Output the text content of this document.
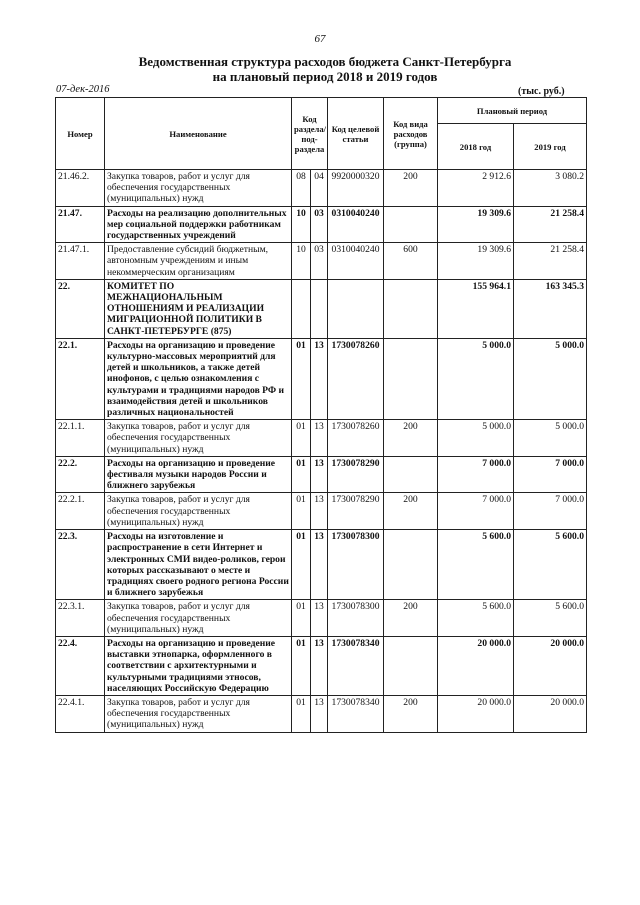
67
Ведомственная структура расходов бюджета Санкт-Петербурга
на плановый период 2018 и 2019 годов
07-дек-2016	(тыс. руб.)
Номер	Наименование	Код раздела/ под-раздела		Код целевой статьи	Код вида расходов (группа)	Плановый период	
						2018 год	2019 год
21.46.2.	Закупка товаров, работ и услуг для обеспечения государственных (муниципальных) нужд	08	04	9920000320	200	2 912.6	3 080.2
21.47.	Расходы на реализацию дополнительных мер социальной поддержки работникам государственных учреждений	10	03	0310040240		19 309.6	21 258.4
21.47.1.	Предоставление субсидий бюджетным, автономным учреждениям и иным некоммерческим организациям	10	03	0310040240	600	19 309.6	21 258.4
22.	КОМИТЕТ ПО МЕЖНАЦИОНАЛЬНЫМ ОТНОШЕНИЯМ И РЕАЛИЗАЦИИ МИГРАЦИОННОЙ ПОЛИТИКИ В САНКТ-ПЕТЕРБУРГЕ (875)					155 964.1	163 345.3
22.1.	Расходы на организацию и проведение культурно-массовых мероприятий для детей и школьников, а также детей инофонов, с целью ознакомления с культурами и традициями народов РФ и взаимодействия детей и школьников различных национальностей	01	13	1730078260		5 000.0	5 000.0
22.1.1.	Закупка товаров, работ и услуг для обеспечения государственных (муниципальных) нужд	01	13	1730078260	200	5 000.0	5 000.0
22.2.	Расходы на организацию и проведение фестиваля музыки народов России и ближнего зарубежья	01	13	1730078290		7 000.0	7 000.0
22.2.1.	Закупка товаров, работ и услуг для обеспечения государственных (муниципальных) нужд	01	13	1730078290	200	7 000.0	7 000.0
22.3.	Расходы на изготовление и распространение в сети Интернет и электронных СМИ видео-роликов, герои которых рассказывают о месте и традициях своего родного региона России и ближнего зарубежья	01	13	1730078300		5 600.0	5 600.0
22.3.1.	Закупка товаров, работ и услуг для обеспечения государственных (муниципальных) нужд	01	13	1730078300	200	5 600.0	5 600.0
22.4.	Расходы на организацию и проведение выставки этнопарка, оформленного в соответствии с архитектурными и культурными традициями этносов, населяющих Российскую Федерацию	01	13	1730078340		20 000.0	20 000.0
22.4.1.	Закупка товаров, работ и услуг для обеспечения государственных (муниципальных) нужд	01	13	1730078340	200	20 000.0	20 000.0
